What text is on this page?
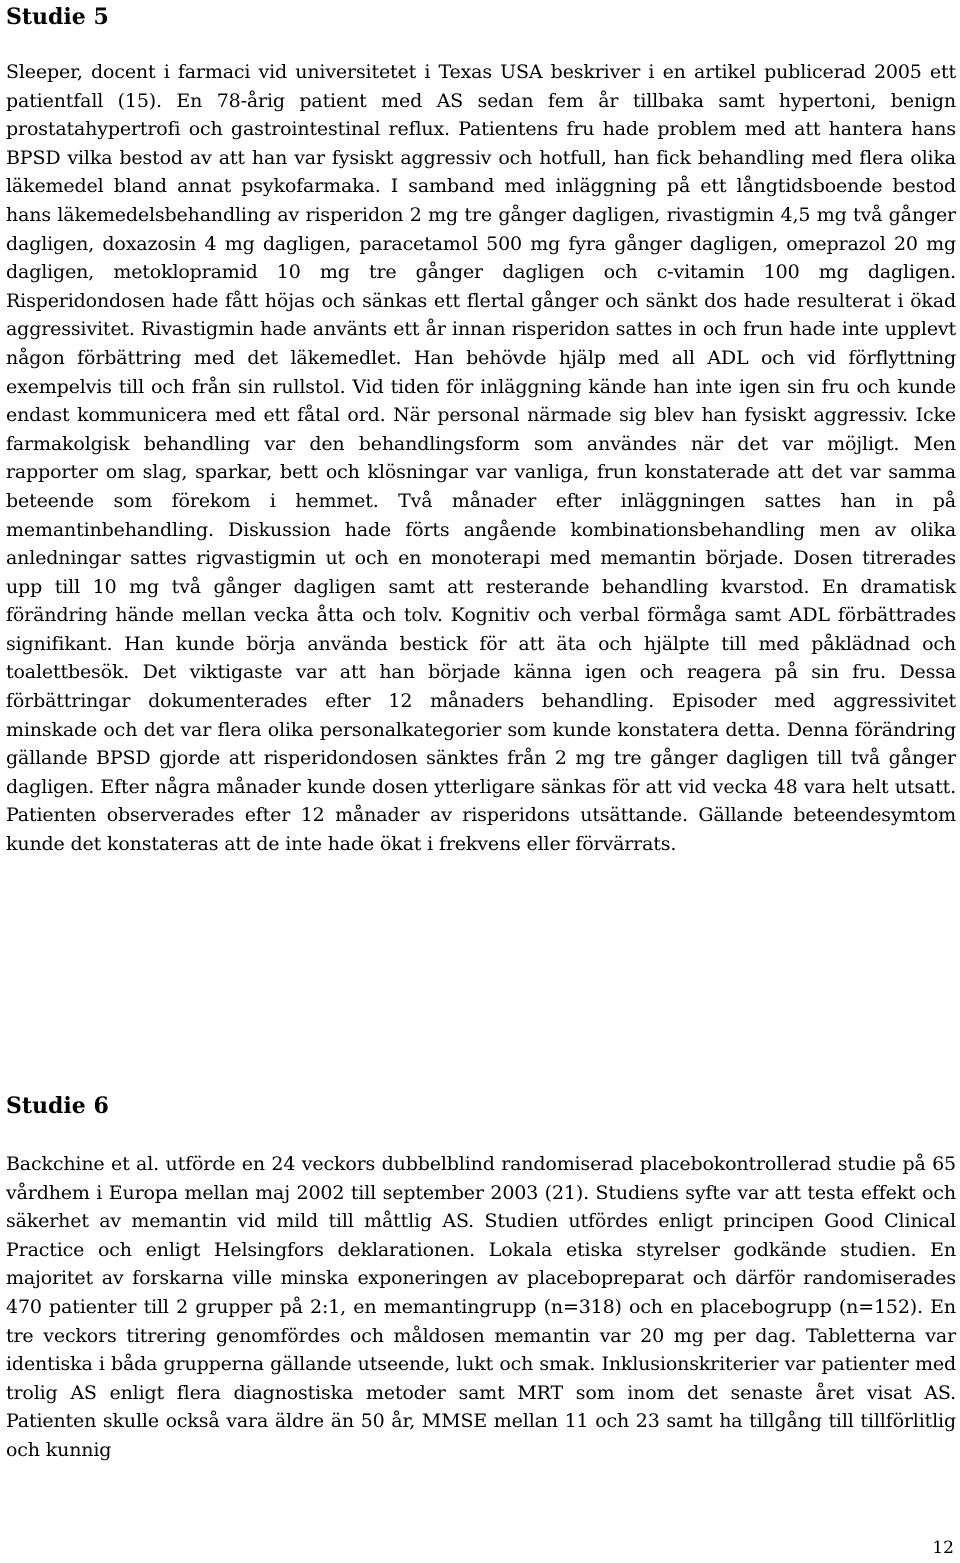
Studie 5

Sleeper, docent i farmaci vid universitetet i Texas USA beskriver i en artikel publicerad 2005 ett patientfall (15). En 78-årig patient med AS sedan fem år tillbaka samt hypertoni, benign prostatahypertrofi och gastrointestinal reflux. Patientens fru hade problem med att hantera hans BPSD vilka bestod av att han var fysiskt aggressiv och hotfull, han fick behandling med flera olika läkemedel bland annat psykofarmaka. I samband med inläggning på ett långtidsboende bestod hans läkemedelsbehandling av risperidon 2 mg tre gånger dagligen, rivastigmin 4,5 mg två gånger dagligen, doxazosin 4 mg dagligen, paracetamol 500 mg fyra gånger dagligen, omeprazol 20 mg dagligen, metoklopramid 10 mg tre gånger dagligen och c-vitamin 100 mg dagligen. Risperidondosen hade fått höjas och sänkas ett flertal gånger och sänkt dos hade resulterat i ökad aggressivitet. Rivastigmin hade använts ett år innan risperidon sattes in och frun hade inte upplevt någon förbättring med det läkemedlet. Han behövde hjälp med all ADL och vid förflyttning exempelvis till och från sin rullstol. Vid tiden för inläggning kände han inte igen sin fru och kunde endast kommunicera med ett fåtal ord. När personal närmade sig blev han fysiskt aggressiv. Icke farmakolgisk behandling var den behandlingsform som användes när det var möjligt. Men rapporter om slag, sparkar, bett och klösningar var vanliga, frun konstaterade att det var samma beteende som förekom i hemmet. Två månader efter inläggningen sattes han in på memantinbehandling. Diskussion hade förts angående kombinationsbehandling men av olika anledningar sattes rigvastigmin ut och en monoterapi med memantin började. Dosen titrerades upp till 10 mg två gånger dagligen samt att resterande behandling kvarstod. En dramatisk förändring hände mellan vecka åtta och tolv. Kognitiv och verbal förmåga samt ADL förbättrades signifikant. Han kunde börja använda bestick för att äta och hjälpte till med påklädnad och toalettbesök. Det viktigaste var att han började känna igen och reagera på sin fru. Dessa förbättringar dokumenterades efter 12 månaders behandling. Episoder med aggressivitet minskade och det var flera olika personalkategorier som kunde konstatera detta. Denna förändring gällande BPSD gjorde att risperidondosen sänktes från 2 mg tre gånger dagligen till två gånger dagligen. Efter några månader kunde dosen ytterligare sänkas för att vid vecka 48 vara helt utsatt. Patienten observerades efter 12 månader av risperidons utsättande. Gällande beteendesymtom kunde det konstateras att de inte hade ökat i frekvens eller förvärrats.

Studie 6

Backchine et al. utförde en 24 veckors dubbelblind randomiserad placebokontrollerad studie på 65 vårdhem i Europa mellan maj 2002 till september 2003 (21). Studiens syfte var att testa effekt och säkerhet av memantin vid mild till måttlig AS. Studien utfördes enligt principen Good Clinical Practice och enligt Helsingfors deklarationen. Lokala etiska styrelser godkände studien. En majoritet av forskarna ville minska exponeringen av placebopreparat och därför randomiserades 470 patienter till 2 grupper på 2:1, en memantingrupp (n=318) och en placebogrupp (n=152). En tre veckors titrering genomfördes och måldosen memantin var 20 mg per dag. Tabletterna var identiska i båda grupperna gällande utseende, lukt och smak. Inklusionskriterier var patienter med trolig AS enligt flera diagnostiska metoder samt MRT som inom det senaste året visat AS. Patienten skulle också vara äldre än 50 år, MMSE mellan 11 och 23 samt ha tillgång till tillförlitlig och kunnig

12
